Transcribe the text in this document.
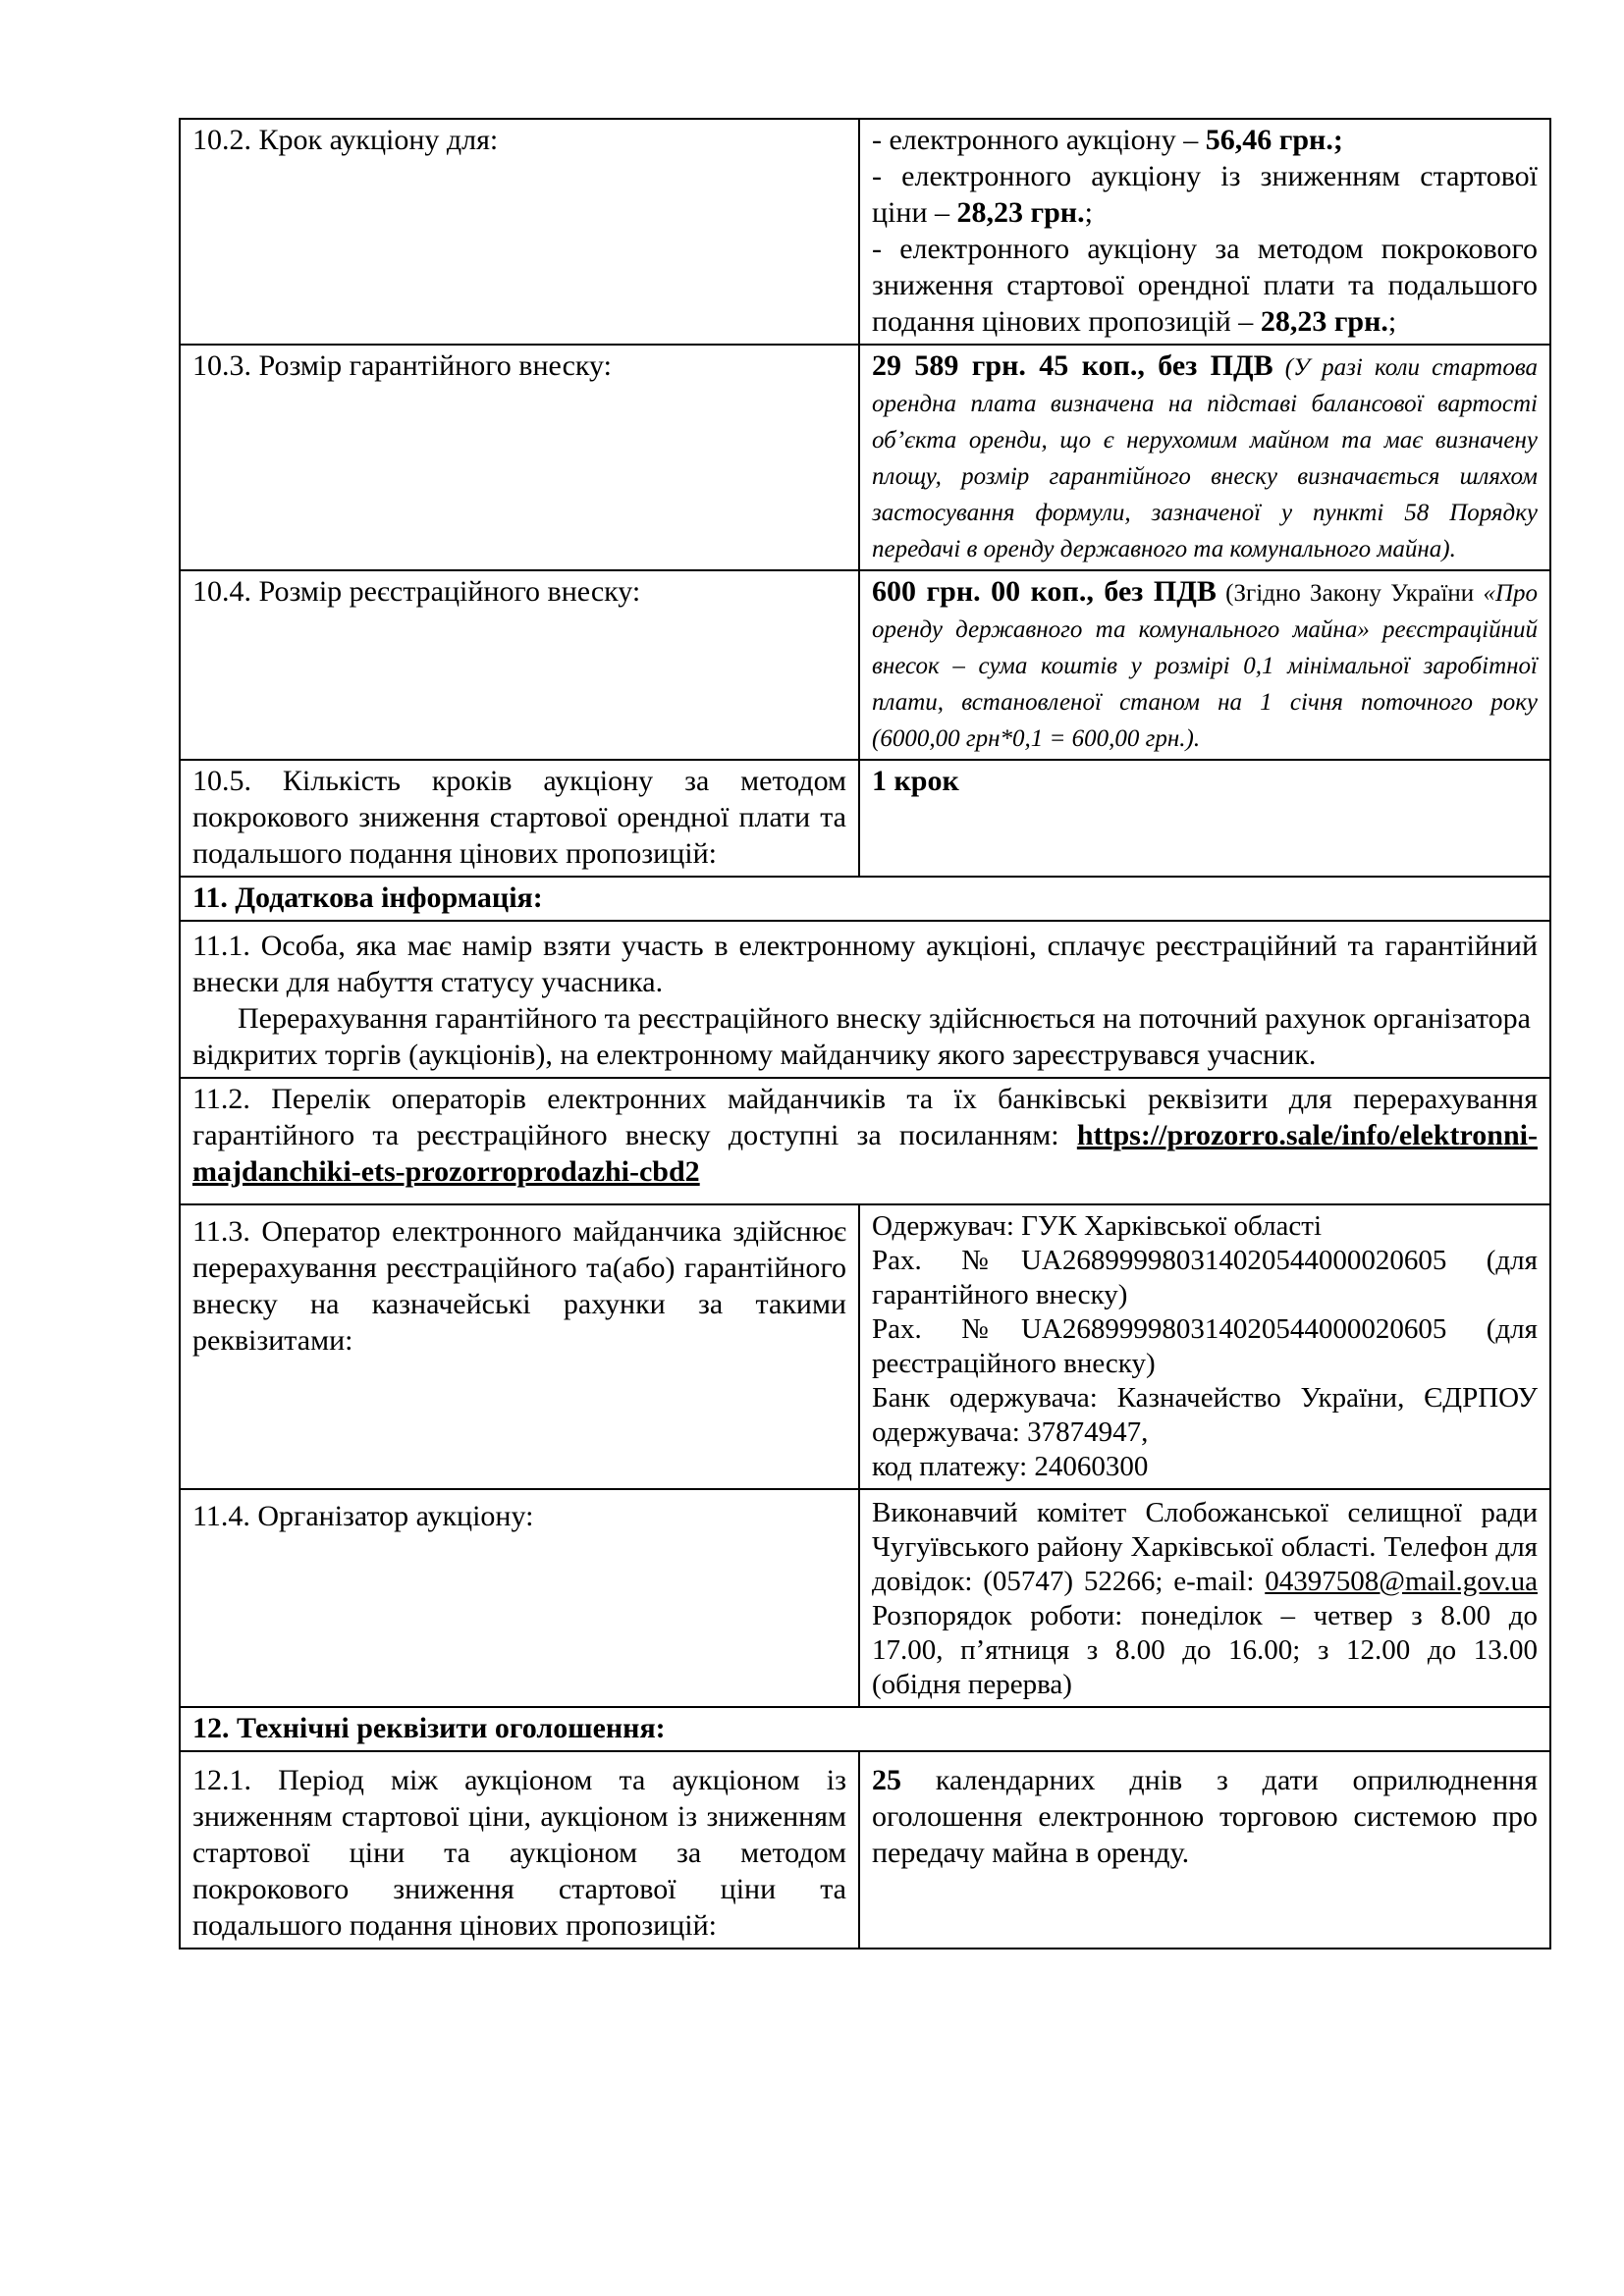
10.2. Крок аукціону для:	- електронного аукціону – 56,46 грн.;
- електронного аукціону із зниженням стартової ціни – 28,23 грн.;
- електронного аукціону за методом покрокового зниження стартової орендної плати та подальшого подання цінових пропозицій – 28,23 грн.;

10.3. Розмір гарантійного внеску:	29 589 грн. 45 коп., без ПДВ (У разі коли стартова орендна плата визначена на підставі балансової вартості об’єкта оренди, що є нерухомим майном та має визначену площу, розмір гарантійного внеску визначається шляхом застосування формули, зазначеної у пункті 58 Порядку передачі в оренду державного та комунального майна).
10.4. Розмір реєстраційного внеску:	600 грн. 00 коп., без ПДВ (Згідно Закону України «Про оренду державного та комунального майна» реєстраційний внесок – сума коштів у розмірі 0,1 мінімальної заробітної плати, встановленої станом на 1 січня поточного року (6000,00 грн*0,1 = 600,00 грн.).
10.5. Кількість кроків аукціону за методом покрокового зниження стартової орендної плати та подальшого подання цінових пропозицій:	1 крок
11. Додаткова інформація:	

11.1. Особа, яка має намір взяти участь в електронному аукціоні, сплачує реєстраційний та гарантійний внески для набуття статусу учасника.
Перерахування гарантійного та реєстраційного внеску здійснюється на поточний рахунок організатора відкритих торгів (аукціонів), на електронному майданчику якого зареєструвався учасник.	

11.2. Перелік операторів електронних майданчиків та їх банківські реквізити для перерахування гарантійного та реєстраційного внеску доступні за посиланням: https://prozorro.sale/info/elektronni-majdanchiki-ets-prozorroprodazhi-cbd2	
11.3. Оператор електронного майданчика здійснює перерахування реєстраційного та(або) гарантійного внеску на казначейські рахунки за такими реквізитами:	Одержувач: ГУК Харківської області
Рах. №UA268999980314020544000020605 (для гарантійного внеску)
Рах. №UA268999980314020544000020605 (для реєстраційного внеску)
Банк одержувача: Казначейство України, ЄДРПОУ одержувача: 37874947,
код платежу: 24060300

11.4. Організатор аукціону:	Виконавчий комітет Слобожанської селищної ради Чугуївського району Харківської області. Телефон для довідок: (05747) 52266; e-mail: 04397508@mail.gov.ua Розпорядок роботи: понеділок – четвер з 8.00 до 17.00, п’ятниця з 8.00 до 16.00; з 12.00 до 13.00 (обідня перерва)
12. Технічні реквізити оголошення:	
12.1. Період між аукціоном та аукціоном із зниженням стартової ціни, аукціоном із зниженням стартової ціни та аукціоном за методом покрокового зниження стартової ціни та подальшого подання цінових пропозицій:	25 календарних днів з дати оприлюднення оголошення електронною торговою системою про передачу майна в оренду.
